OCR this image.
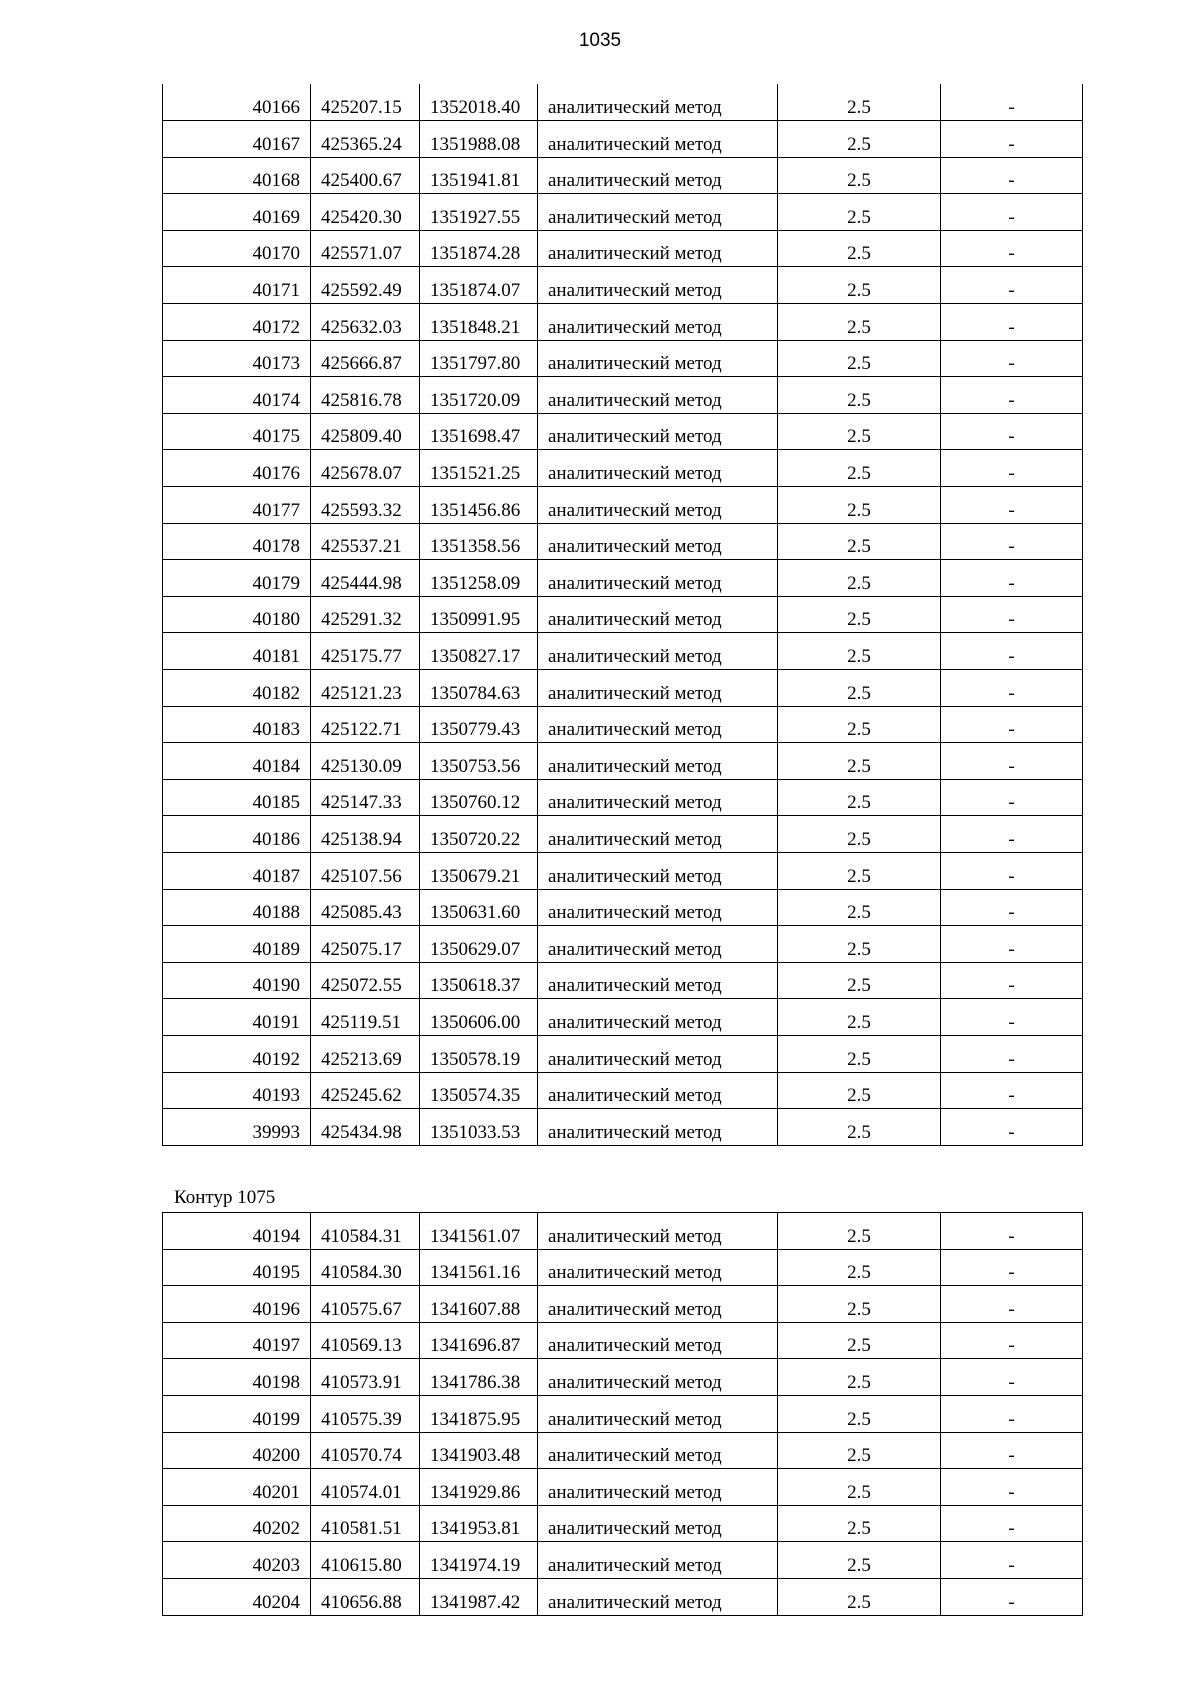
1035
40166	425207.15	1352018.40	аналитический метод	2.5	-
40167	425365.24	1351988.08	аналитический метод	2.5	-
40168	425400.67	1351941.81	аналитический метод	2.5	-
40169	425420.30	1351927.55	аналитический метод	2.5	-
40170	425571.07	1351874.28	аналитический метод	2.5	-
40171	425592.49	1351874.07	аналитический метод	2.5	-
40172	425632.03	1351848.21	аналитический метод	2.5	-
40173	425666.87	1351797.80	аналитический метод	2.5	-
40174	425816.78	1351720.09	аналитический метод	2.5	-
40175	425809.40	1351698.47	аналитический метод	2.5	-
40176	425678.07	1351521.25	аналитический метод	2.5	-
40177	425593.32	1351456.86	аналитический метод	2.5	-
40178	425537.21	1351358.56	аналитический метод	2.5	-
40179	425444.98	1351258.09	аналитический метод	2.5	-
40180	425291.32	1350991.95	аналитический метод	2.5	-
40181	425175.77	1350827.17	аналитический метод	2.5	-
40182	425121.23	1350784.63	аналитический метод	2.5	-
40183	425122.71	1350779.43	аналитический метод	2.5	-
40184	425130.09	1350753.56	аналитический метод	2.5	-
40185	425147.33	1350760.12	аналитический метод	2.5	-
40186	425138.94	1350720.22	аналитический метод	2.5	-
40187	425107.56	1350679.21	аналитический метод	2.5	-
40188	425085.43	1350631.60	аналитический метод	2.5	-
40189	425075.17	1350629.07	аналитический метод	2.5	-
40190	425072.55	1350618.37	аналитический метод	2.5	-
40191	425119.51	1350606.00	аналитический метод	2.5	-
40192	425213.69	1350578.19	аналитический метод	2.5	-
40193	425245.62	1350574.35	аналитический метод	2.5	-
39993	425434.98	1351033.53	аналитический метод	2.5	-
Контур 1075
40194	410584.31	1341561.07	аналитический метод	2.5	-
40195	410584.30	1341561.16	аналитический метод	2.5	-
40196	410575.67	1341607.88	аналитический метод	2.5	-
40197	410569.13	1341696.87	аналитический метод	2.5	-
40198	410573.91	1341786.38	аналитический метод	2.5	-
40199	410575.39	1341875.95	аналитический метод	2.5	-
40200	410570.74	1341903.48	аналитический метод	2.5	-
40201	410574.01	1341929.86	аналитический метод	2.5	-
40202	410581.51	1341953.81	аналитический метод	2.5	-
40203	410615.80	1341974.19	аналитический метод	2.5	-
40204	410656.88	1341987.42	аналитический метод	2.5	-
